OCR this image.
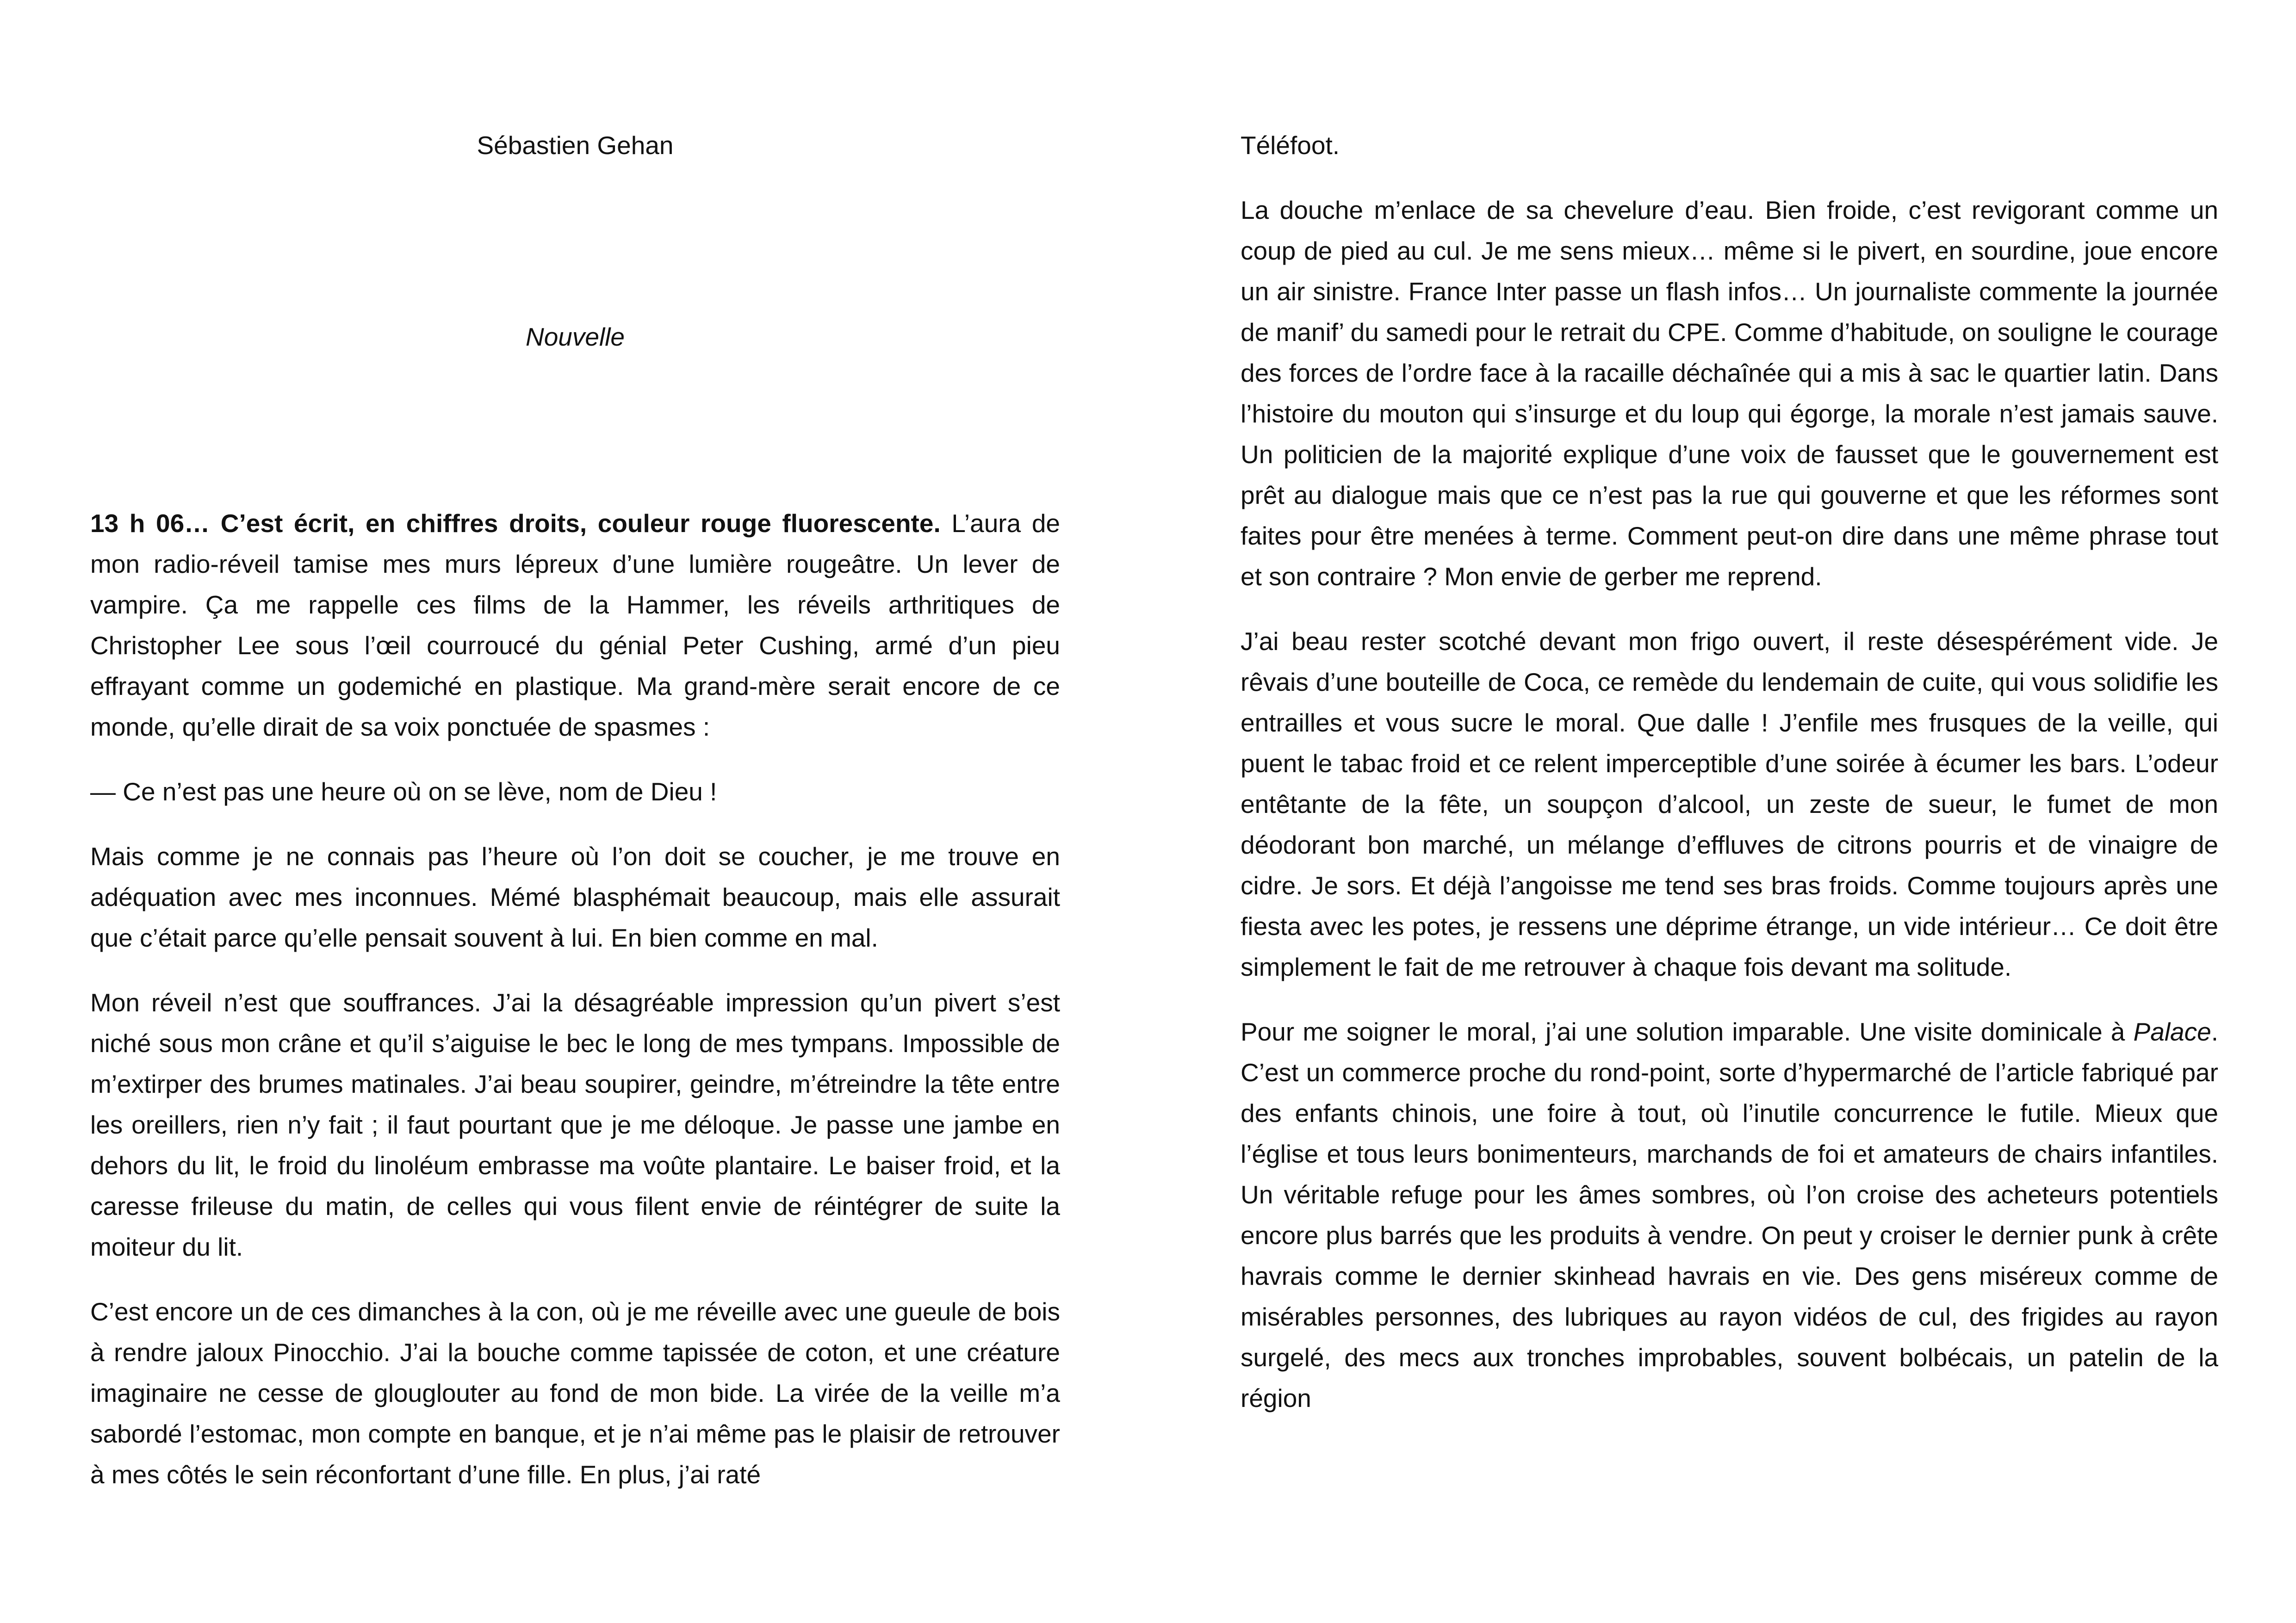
Sébastien Gehan

Nouvelle

13 h 06… C’est écrit, en chiffres droits, couleur rouge fluorescente. L’aura de mon radio-réveil tamise mes murs lépreux d’une lumière rougeâtre. Un lever de vampire. Ça me rappelle ces films de la Hammer, les réveils arthritiques de Christopher Lee sous l’œil courroucé du génial Peter Cushing, armé d’un pieu effrayant comme un godemiché en plastique. Ma grand-mère serait encore de ce monde, qu’elle dirait de sa voix ponctuée de spasmes :

— Ce n’est pas une heure où on se lève, nom de Dieu !

Mais comme je ne connais pas l’heure où l’on doit se coucher, je me trouve en adéquation avec mes inconnues. Mémé blasphémait beaucoup, mais elle assurait que c’était parce qu’elle pensait souvent à lui. En bien comme en mal.

Mon réveil n’est que souffrances. J’ai la désagréable impression qu’un pivert s’est niché sous mon crâne et qu’il s’aiguise le bec le long de mes tympans. Impossible de m’extirper des brumes matinales. J’ai beau soupirer, geindre, m’étreindre la tête entre les oreillers, rien n’y fait ; il faut pourtant que je me déloque. Je passe une jambe en dehors du lit, le froid du linoléum embrasse ma voûte plantaire. Le baiser froid, et la caresse frileuse du matin, de celles qui vous filent envie de réintégrer de suite la moiteur du lit.

C’est encore un de ces dimanches à la con, où je me réveille avec une gueule de bois à rendre jaloux Pinocchio. J’ai la bouche comme tapissée de coton, et une créature imaginaire ne cesse de glouglouter au fond de mon bide. La virée de la veille m’a sabordé l’estomac, mon compte en banque, et je n’ai même pas le plaisir de retrouver à mes côtés le sein réconfortant d’une fille. En plus, j’ai raté

Téléfoot.

La douche m’enlace de sa chevelure d’eau. Bien froide, c’est revigorant comme un coup de pied au cul. Je me sens mieux… même si le pivert, en sourdine, joue encore un air sinistre. France Inter passe un flash infos… Un journaliste commente la journée de manif’ du samedi pour le retrait du CPE. Comme d’habitude, on souligne le courage des forces de l’ordre face à la racaille déchaînée qui a mis à sac le quartier latin. Dans l’histoire du mouton qui s’insurge et du loup qui égorge, la morale n’est jamais sauve. Un politicien de la majorité explique d’une voix de fausset que le gouvernement est prêt au dialogue mais que ce n’est pas la rue qui gouverne et que les réformes sont faites pour être menées à terme. Comment peut-on dire dans une même phrase tout et son contraire ? Mon envie de gerber me reprend.

J’ai beau rester scotché devant mon frigo ouvert, il reste désespérément vide. Je rêvais d’une bouteille de Coca, ce remède du lendemain de cuite, qui vous solidifie les entrailles et vous sucre le moral. Que dalle ! J’enfile mes frusques de la veille, qui puent le tabac froid et ce relent imperceptible d’une soirée à écumer les bars. L’odeur entêtante de la fête, un soupçon d’alcool, un zeste de sueur, le fumet de mon déodorant bon marché, un mélange d’effluves de citrons pourris et de vinaigre de cidre. Je sors. Et déjà l’angoisse me tend ses bras froids. Comme toujours après une fiesta avec les potes, je ressens une déprime étrange, un vide intérieur… Ce doit être simplement le fait de me retrouver à chaque fois devant ma solitude.

Pour me soigner le moral, j’ai une solution imparable. Une visite dominicale à Palace. C’est un commerce proche du rond-point, sorte d’hypermarché de l’article fabriqué par des enfants chinois, une foire à tout, où l’inutile concurrence le futile. Mieux que l’église et tous leurs bonimenteurs, marchands de foi et amateurs de chairs infantiles. Un véritable refuge pour les âmes sombres, où l’on croise des acheteurs potentiels encore plus barrés que les produits à vendre. On peut y croiser le dernier punk à crête havrais comme le dernier skinhead havrais en vie. Des gens miséreux comme de misérables personnes, des lubriques au rayon vidéos de cul, des frigides au rayon surgelé, des mecs aux tronches improbables, souvent bolbécais, un patelin de la région
